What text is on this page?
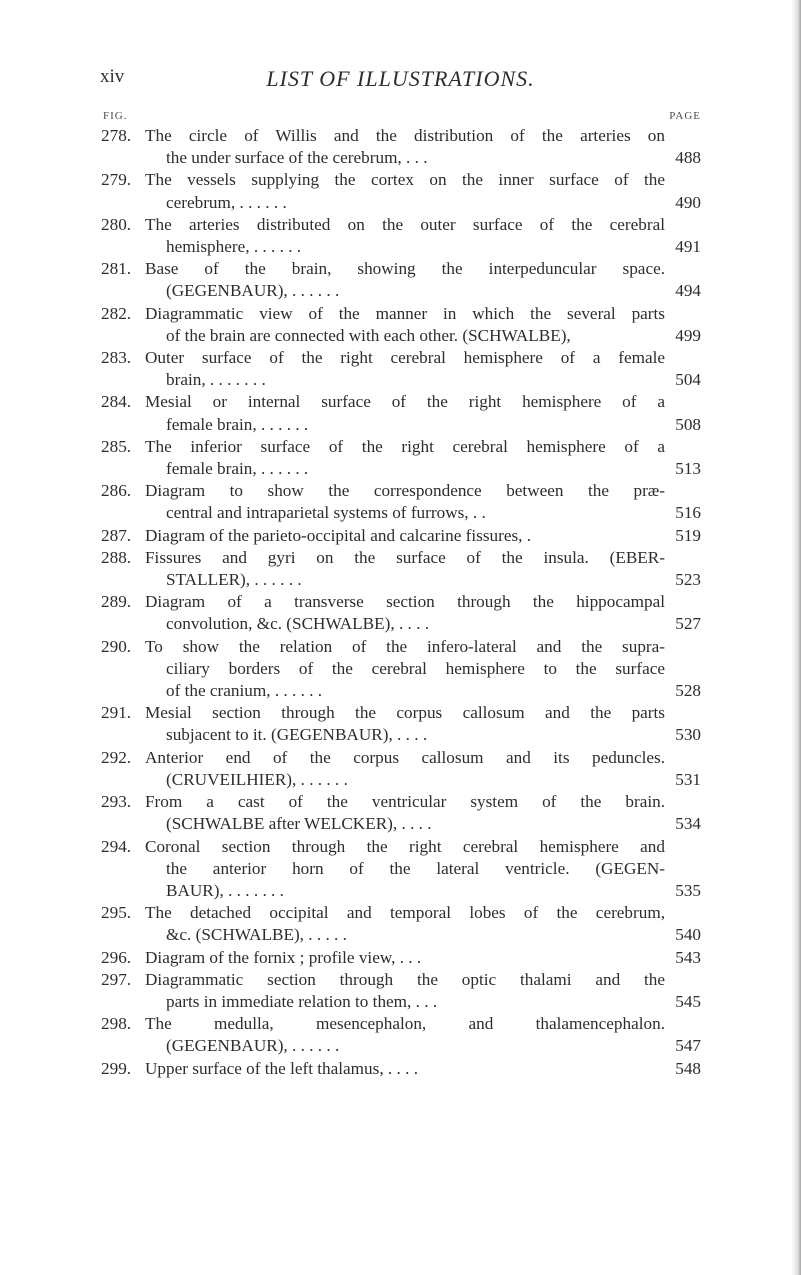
xiv	LIST OF ILLUSTRATIONS.
FIG.	PAGE
278. The circle of Willis and the distribution of the arteries on
the under surface of the cerebrum, . . .	488
279. The vessels supplying the cortex on the inner surface of the
cerebrum, . . . . . .	490
280. The arteries distributed on the outer surface of the cerebral
hemisphere, . . . . . .	491
281. Base of the brain, showing the interpeduncular space.
(GEGENBAUR), . . . . . .	494
282. Diagrammatic view of the manner in which the several parts
of the brain are connected with each other. (SCHWALBE),	499
283. Outer surface of the right cerebral hemisphere of a female
brain, . . . . . . .	504
284. Mesial or internal surface of the right hemisphere of a
female brain, . . . . . .	508
285. The inferior surface of the right cerebral hemisphere of a
female brain, . . . . . .	513
286. Diagram to show the correspondence between the præ-
central and intraparietal systems of furrows, . .	516
287. Diagram of the parieto-occipital and calcarine fissures, .	519
288. Fissures and gyri on the surface of the insula. (EBER-
STALLER), . . . . . .	523
289. Diagram of a transverse section through the hippocampal
convolution, &c. (SCHWALBE), . . . .	527
290. To show the relation of the infero-lateral and the supra-
ciliary borders of the cerebral hemisphere to the surface
of the cranium, . . . . . .	528
291. Mesial section through the corpus callosum and the parts
subjacent to it. (GEGENBAUR), . . . .	530
292. Anterior end of the corpus callosum and its peduncles.
(CRUVEILHIER), . . . . . .	531
293. From a cast of the ventricular system of the brain.
(SCHWALBE after WELCKER), . . . .	534
294. Coronal section through the right cerebral hemisphere and
the anterior horn of the lateral ventricle. (GEGEN-
BAUR), . . . . . . .	535
295. The detached occipital and temporal lobes of the cerebrum,
&c. (SCHWALBE), . . . . .	540
296. Diagram of the fornix ; profile view, . . .	543
297. Diagrammatic section through the optic thalami and the
parts in immediate relation to them, . . .	545
298. The medulla, mesencephalon, and thalamencephalon.
(GEGENBAUR), . . . . . .	547
299. Upper surface of the left thalamus, . . . .	548
